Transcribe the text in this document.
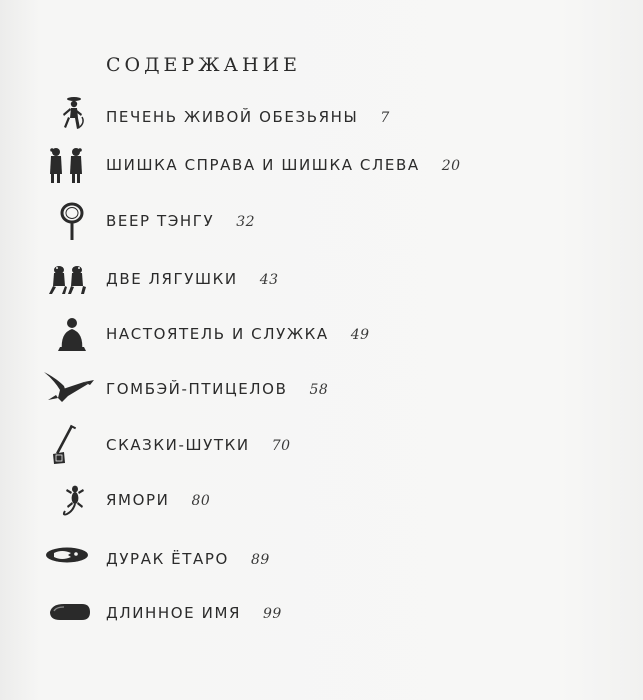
СОДЕРЖАНИЕ
ПЕЧЕНЬ ЖИВОЙ ОБЕЗЬЯНЫ 7
ШИШКА СПРАВА И ШИШКА СЛЕВА 20
ВЕЕР ТЭНГУ 32
ДВЕ ЛЯГУШКИ 43
НАСТОЯТЕЛЬ И СЛУЖКА 49
ГОМБЭЙ-ПТИЦЕЛОВ 58
СКАЗКИ-ШУТКИ 70
ЯМОРИ 80
ДУРАК ЁТАРО 89
ДЛИННОЕ ИМЯ 99
